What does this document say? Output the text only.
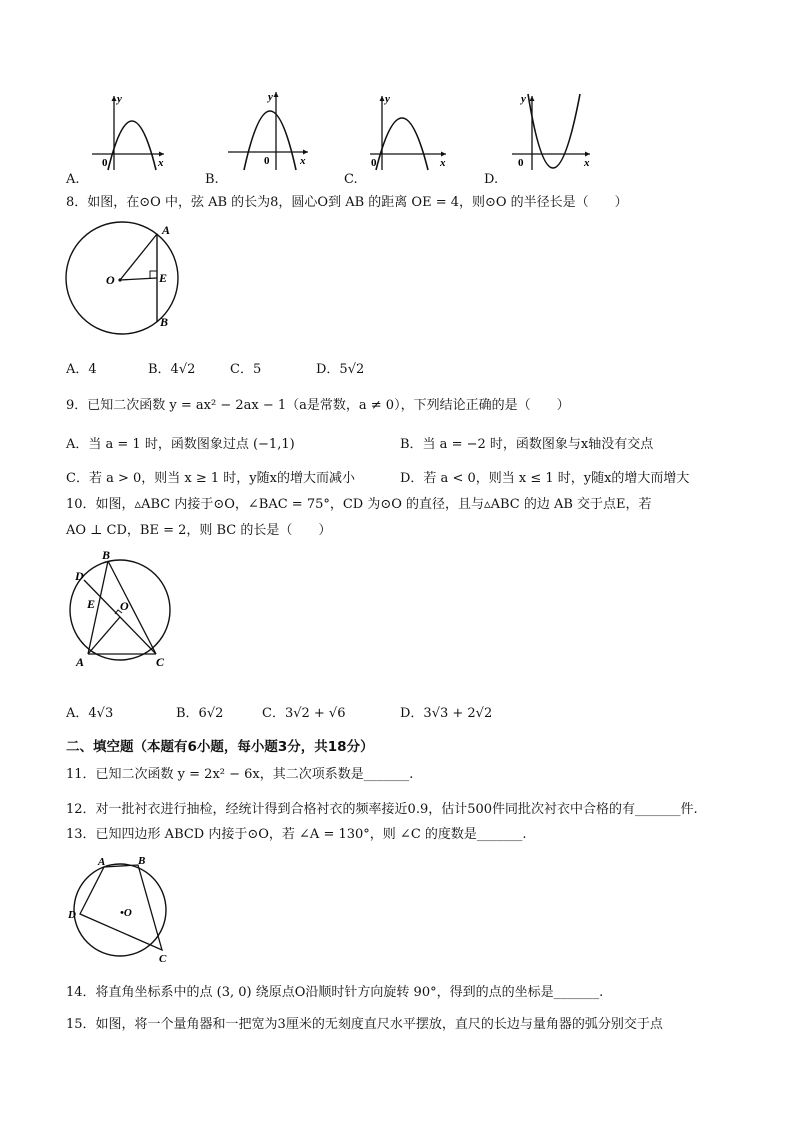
y
x
0
A.
y
x
0
B.
y
x
0
C.
y
x
0
D.
8．如图，在⊙O 中，弦 AB 的长为8，圆心O到 AB 的距离 OE = 4，则⊙O 的半径长是（　　）
A
B
O	E
A．4	B．4√2	C．5	D．5√2
9．已知二次函数 y = ax² − 2ax − 1（a是常数，a ≠ 0），下列结论正确的是（　　）
A．当 a = 1 时，函数图象过点 (−1,1)	B．当 a = −2 时，函数图象与x轴没有交点
C．若 a > 0，则当 x ≥ 1 时，y随x的增大而减小	D．若 a < 0，则当 x ≤ 1 时，y随x的增大而增大
10．如图，▵ABC 内接于⊙O，∠BAC = 75°，CD 为⊙O 的直径，且与▵ABC 的边 AB 交于点E，若
AO ⊥ CD，BE = 2，则 BC 的长是（　　）
B
D
E O
A	C
A．4√3	B．6√2	C．3√2 + √6	D．3√3 + 2√2
二、填空题（本题有6小题，每小题3分，共18分）
11．已知二次函数 y = 2x² − 6x，其二次项系数是_______.
12．对一批衬衣进行抽检，经统计得到合格衬衣的频率接近0.9，估计500件同批次衬衣中合格的有_______件.
13．已知四边形 ABCD 内接于⊙O，若 ∠A = 130°，则 ∠C 的度数是_______.
A	B
C
D	•O
14．将直角坐标系中的点 (3, 0) 绕原点O沿顺时针方向旋转 90°，得到的点的坐标是_______.
15．如图，将一个量角器和一把宽为3厘米的无刻度直尺水平摆放，直尺的长边与量角器的弧分别交于点
